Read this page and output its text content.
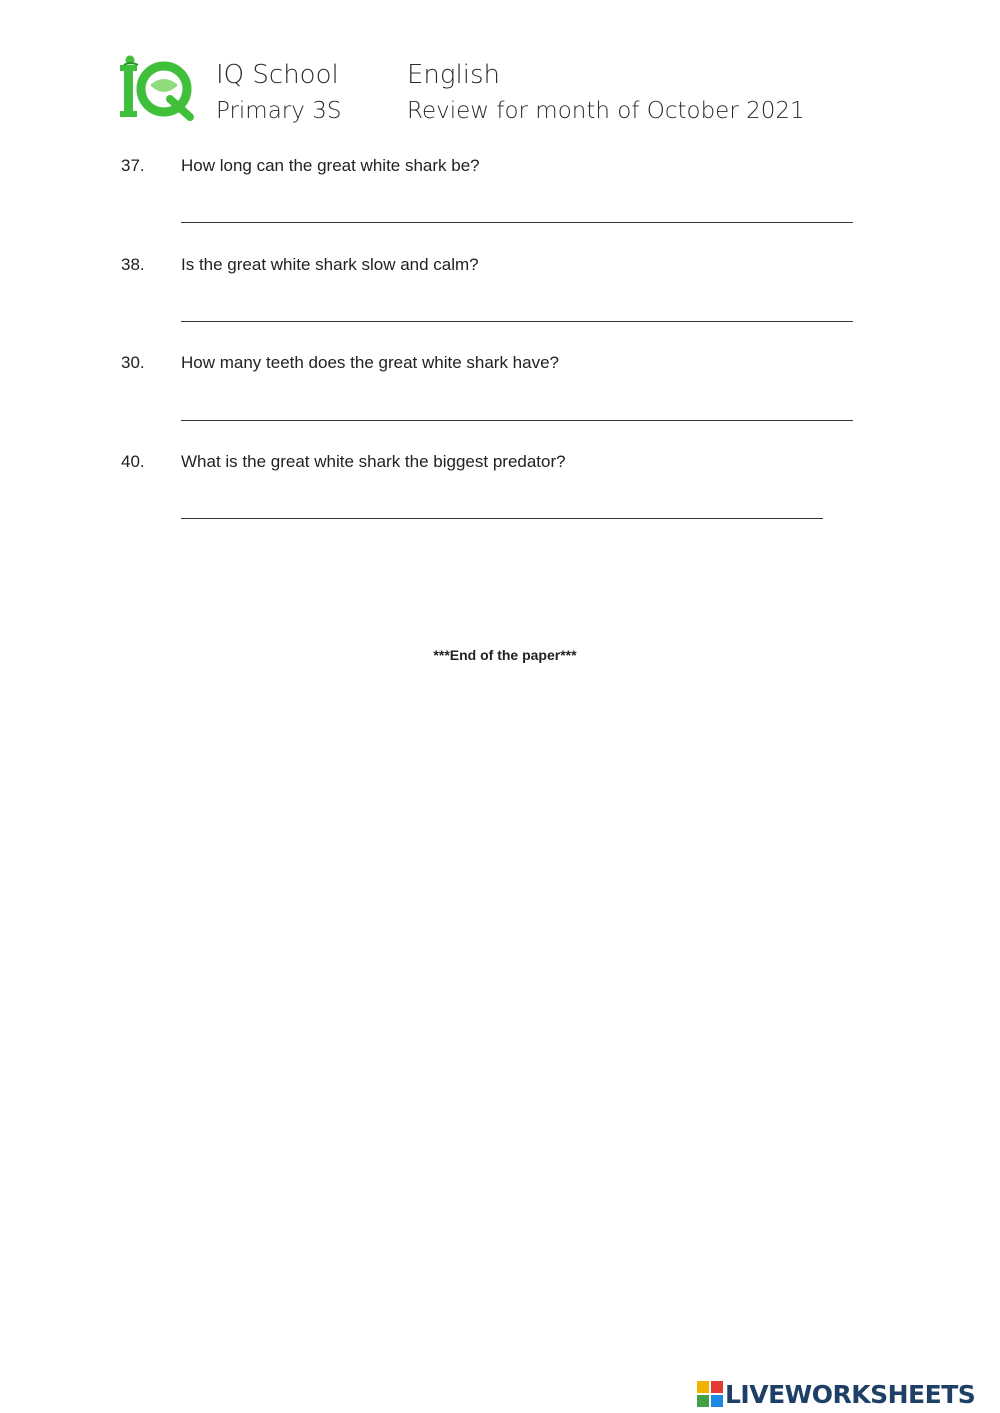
IQ School
Primary 3S
English
Review for month of October 2021
37. How long can the great white shark be?
38. Is the great white shark slow and calm?
30. How many teeth does the great white shark have?
40. What is the great white shark the biggest predator?
***End of the paper***
LIVEWORKSHEETS
